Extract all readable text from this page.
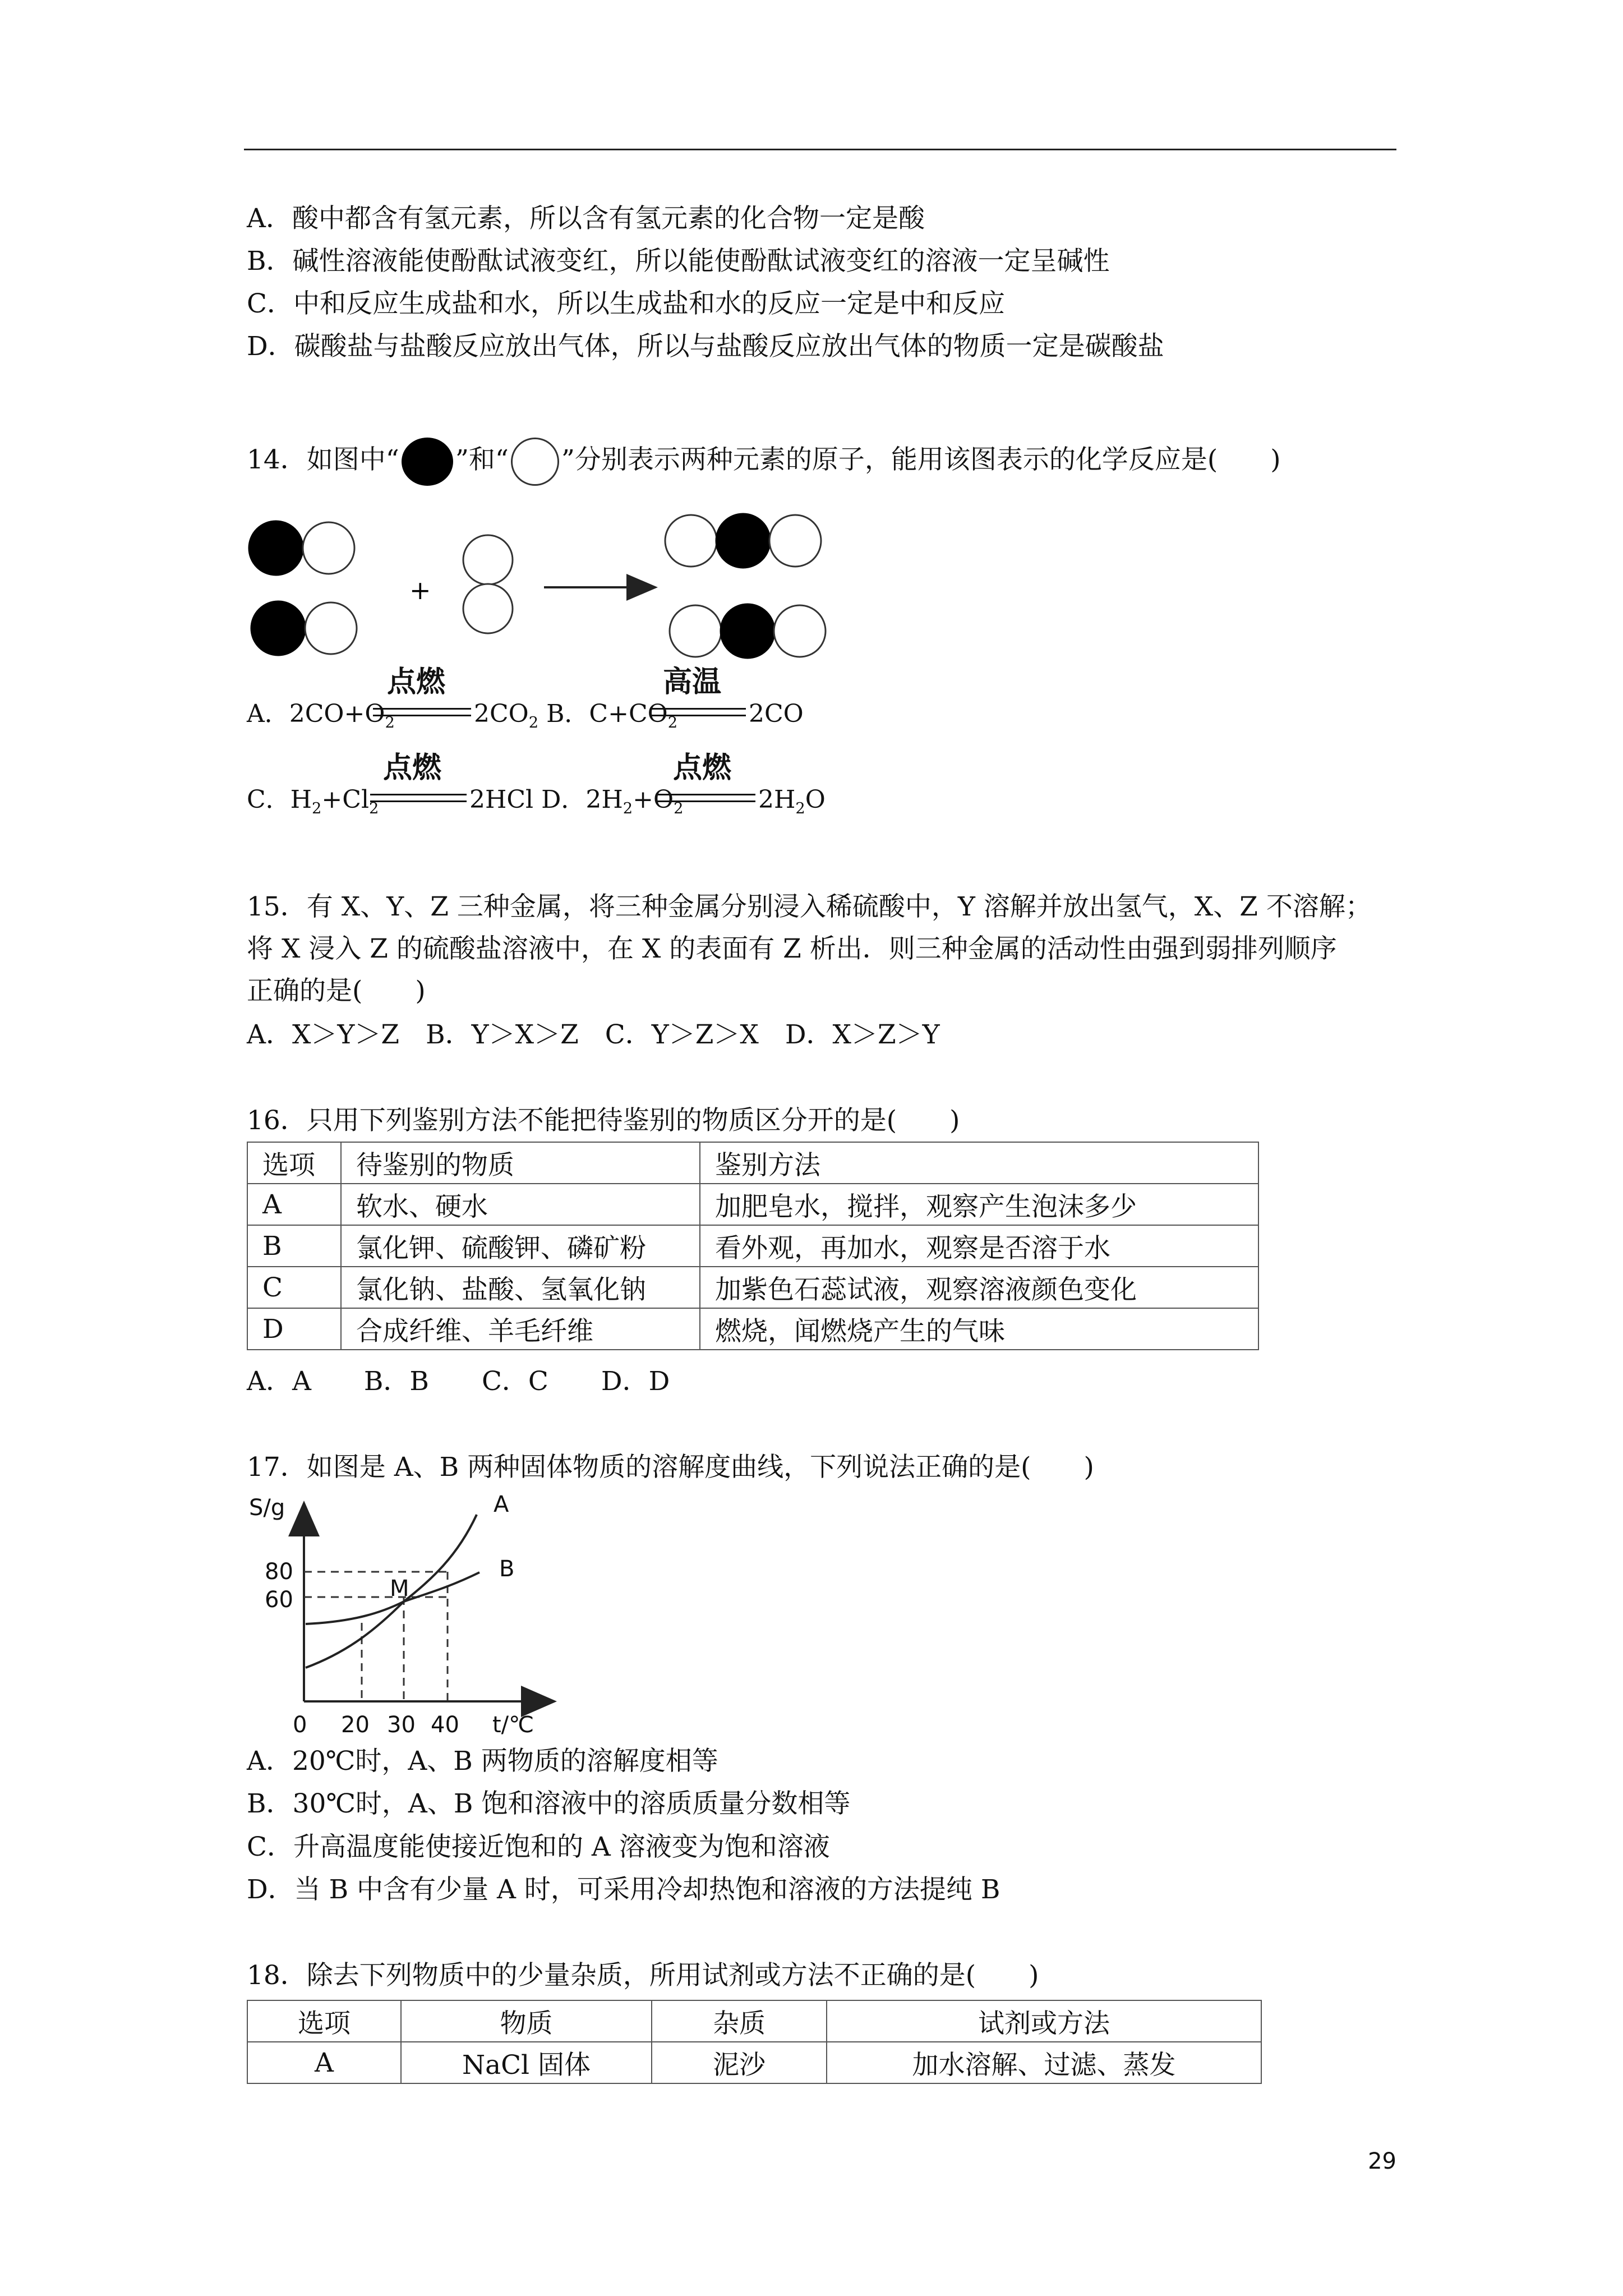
A．酸中都含有氢元素，所以含有氢元素的化合物一定是酸
B．碱性溶液能使酚酞试液变红，所以能使酚酞试液变红的溶液一定呈碱性
C．中和反应生成盐和水，所以生成盐和水的反应一定是中和反应
D．碳酸盐与盐酸反应放出气体，所以与盐酸反应放出气体的物质一定是碳酸盐
14．如图中“ ”和“ ”分别表示两种元素的原子，能用该图表示的化学反应是(　　)
+
A．$2CO+O_2$
点燃
$2CO_2$ B．$C+CO_2$
高温
2CO
C．$H_2+Cl_2$
点燃
2HCl D．$2H_2+O_2$
点燃
$2H_2O$
15．有 X、Y、Z 三种金属，将三种金属分别浸入稀硫酸中，Y 溶解并放出氢气，X、Z 不溶解；
将 X 浸入 Z 的硫酸盐溶液中，在 X 的表面有 Z 析出．则三种金属的活动性由强到弱排列顺序
正确的是(　　)
A．X＞Y＞Z　B．Y＞X＞Z　C．Y＞Z＞X　D．X＞Z＞Y
16．只用下列鉴别方法不能把待鉴别的物质区分开的是(　　)
选项	待鉴别的物质	鉴别方法
A	软水、硬水	加肥皂水，搅拌，观察产生泡沫多少
B	氯化钾、硫酸钾、磷矿粉	看外观，再加水，观察是否溶于水
C	氯化钠、盐酸、氢氧化钠	加紫色石蕊试液，观察溶液颜色变化
D	合成纤维、羊毛纤维	燃烧，闻燃烧产生的气味
A．A　　B．B　　C．C　　D．D
17．如图是 A、B 两种固体物质的溶解度曲线，下列说法正确的是(　　)
S/g
t/℃
80
60
0 20 30 40
A
B
M
A．20℃时，A、B 两物质的溶解度相等
B．30℃时，A、B 饱和溶液中的溶质质量分数相等
C．升高温度能使接近饱和的 A 溶液变为饱和溶液
D．当 B 中含有少量 A 时，可采用冷却热饱和溶液的方法提纯 B
18．除去下列物质中的少量杂质，所用试剂或方法不正确的是(　　)
选项	物质	杂质	试剂或方法
A	NaCl 固体	泥沙	加水溶解、过滤、蒸发
29
